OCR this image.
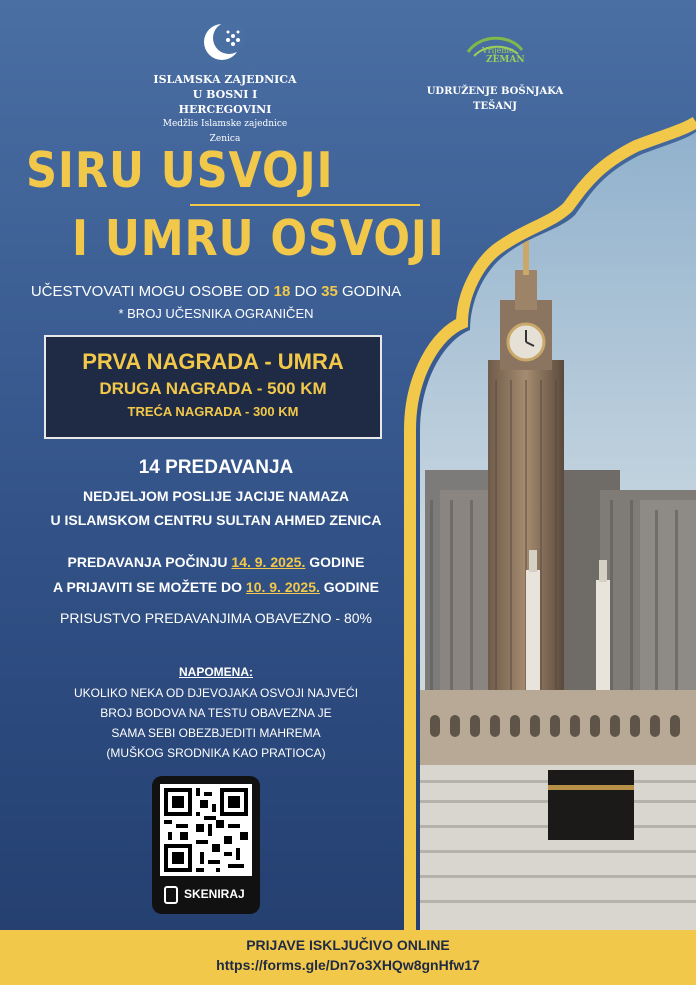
ISLAMSKA ZAJEDNICA
U BOSNI I HERCEGOVINI
Medžlis Islamske zajednice Zenica
Vrijeme
ZEMAN
UDRUŽENJE BOŠNJAKA
TEŠANJ
SIRU USVOJI
I UMRU OSVOJI
UČESTVOVATI MOGU OSOBE OD 18 DO 35 GODINA
* BROJ UČESNIKA OGRANIČEN
PRVA NAGRADA - UMRA
DRUGA NAGRADA - 500 KM
TREĆA NAGRADA - 300 KM
14 PREDAVANJA
NEDJELJOM POSLIJE JACIJE NAMAZA
U ISLAMSKOM CENTRU SULTAN AHMED ZENICA
PREDAVANJA POČINJU 14. 9. 2025. GODINE
A PRIJAVITI SE MOŽETE DO 10. 9. 2025. GODINE
PRISUSTVO PREDAVANJIMA OBAVEZNO - 80%
NAPOMENA:
UKOLIKO NEKA OD DJEVOJAKA OSVOJI NAJVEĆI
BROJ BODOVA NA TESTU OBAVEZNA JE
SAMA SEBI OBEZBJEDITI MAHREMA
(MUŠKOG SRODNIKA KAO PRATIOCA)
SKENIRAJ
PRIJAVE ISKLJUČIVO ONLINE
https://forms.gle/Dn7o3XHQw8gnHfw17
